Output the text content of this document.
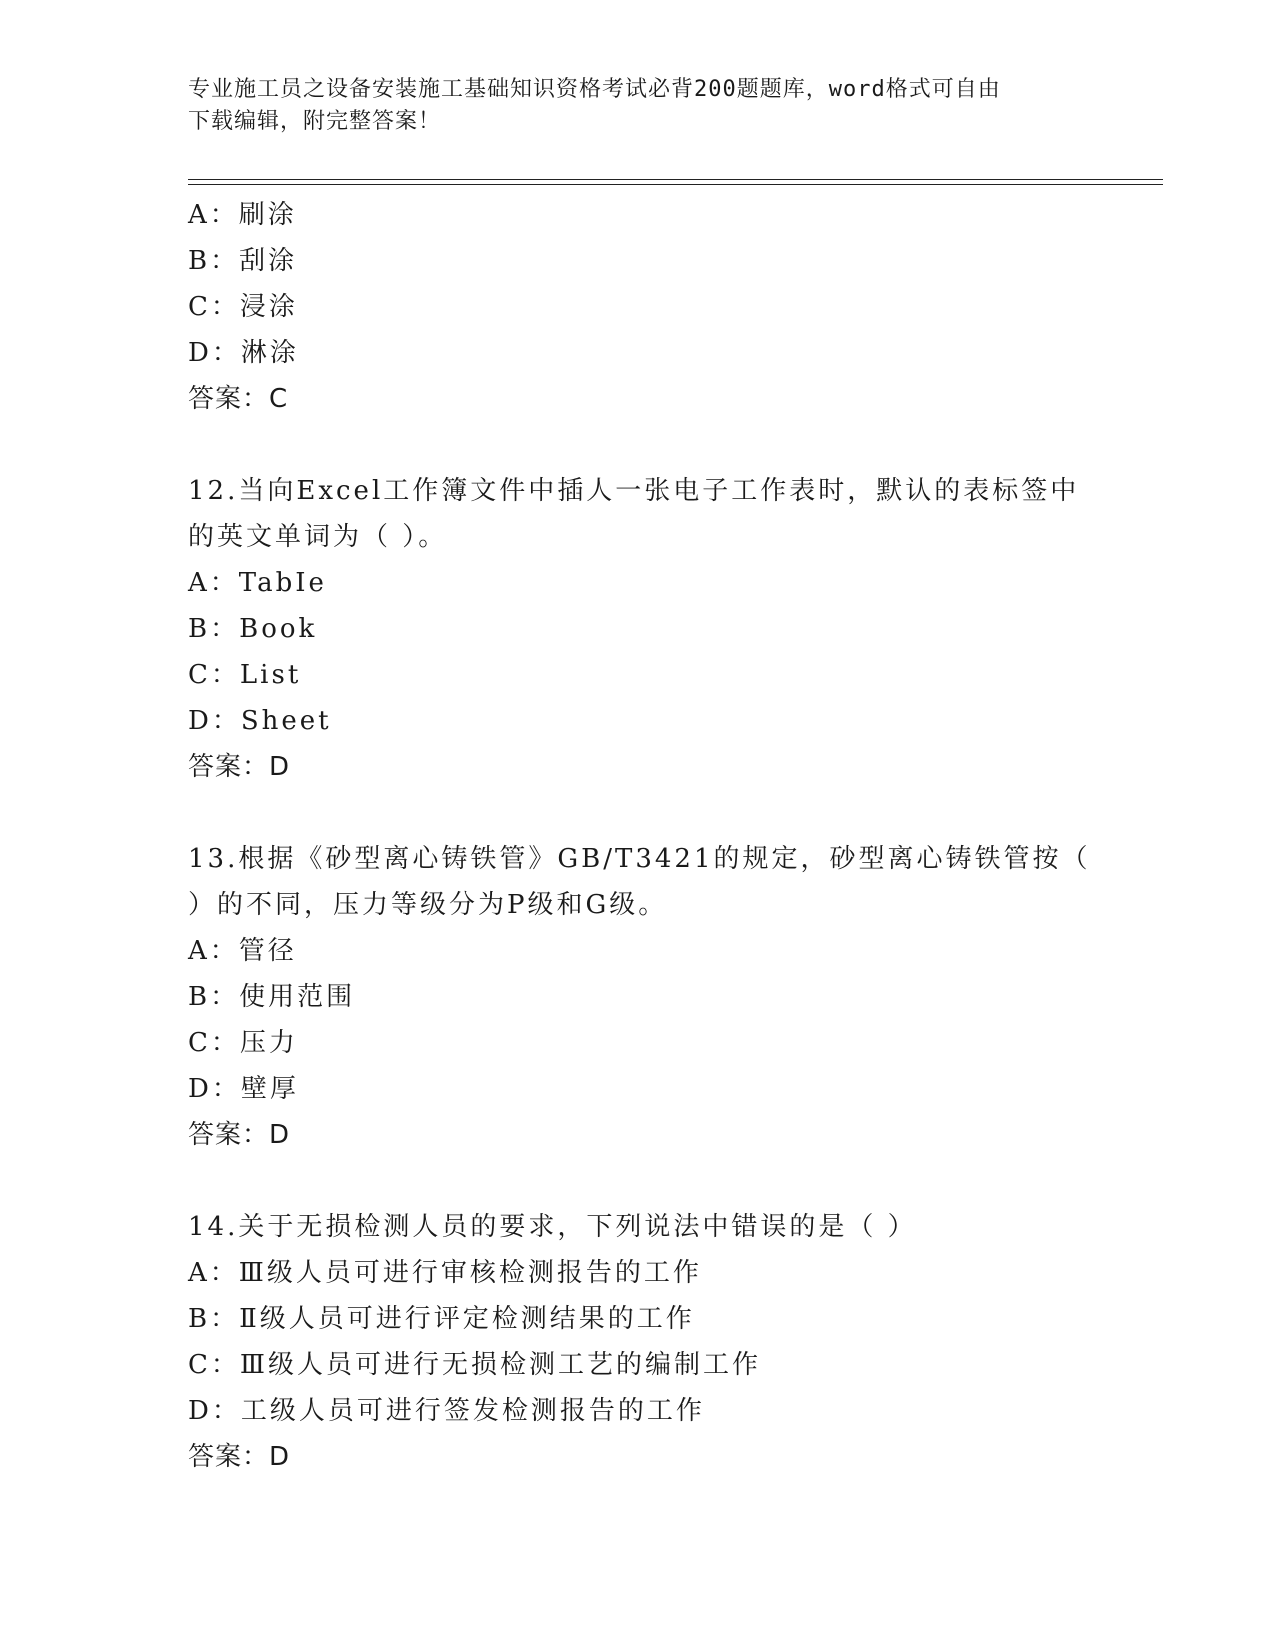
专业施工员之设备安装施工基础知识资格考试必背200题题库，word格式可自由
下载编辑，附完整答案！
A：刷涂
B：刮涂
C：浸涂
D：淋涂
答案：C
12.当向Excel工作簿文件中插人一张电子工作表时，默认的表标签中
的英文单词为（ ）。
A：TabIe
B：Book
C：List
D：Sheet
答案：D
13.根据《砂型离心铸铁管》GB/T3421的规定，砂型离心铸铁管按（
）的不同，压力等级分为P级和G级。
A：管径
B：使用范围
C：压力
D：壁厚
答案：D
14.关于无损检测人员的要求，下列说法中错误的是（ ）
A：Ⅲ级人员可进行审核检测报告的工作
B：Ⅱ级人员可进行评定检测结果的工作
C：Ⅲ级人员可进行无损检测工艺的编制工作
D：工级人员可进行签发检测报告的工作
答案：D
